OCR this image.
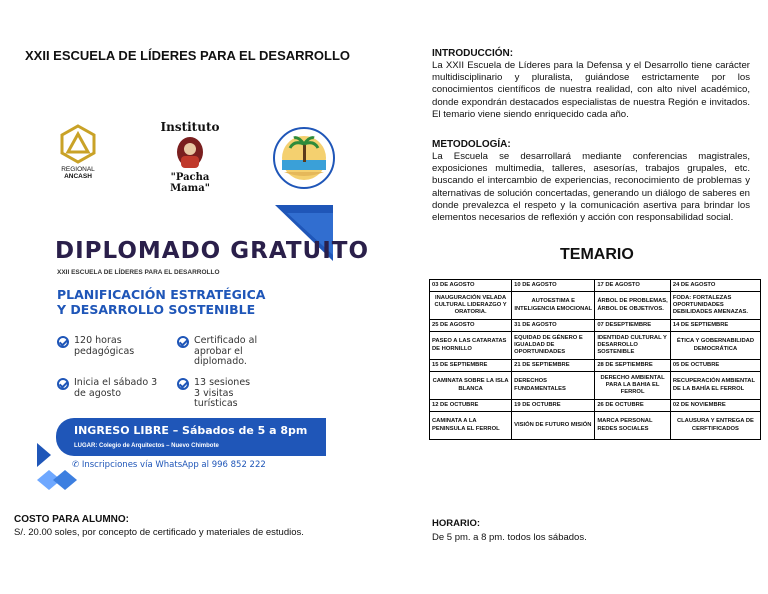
XXII ESCUELA DE LÍDERES PARA EL DESARROLLO
REGIONAL
ANCASH
Instituto
"Pacha Mama"
DIPLOMADO GRATUITO
XXII ESCUELA DE LÍDERES PARA EL DESARROLLO
PLANIFICACIÓN ESTRATÉGICA
Y DESARROLLO SOSTENIBLE
120 horas
pedagógicas
Certificado al
aprobar el
diplomado.
Inicia el sábado 3
de agosto
13 sesiones
3 visitas
turísticas
INGRESO LIBRE – Sábados de 5 a 8pm
LUGAR: Colegio de Arquitectos – Nuevo Chimbote
✆ Inscripciones vía WhatsApp al 996 852 222
COSTO PARA ALUMNO:
S/. 20.00 soles, por concepto de certificado y materiales de estudios.
INTRODUCCIÓN:
La XXII Escuela de Líderes para la Defensa y el Desarrollo tiene carácter multidisciplinario y pluralista, guiándose estrictamente por los conocimientos científicos de nuestra realidad, con alto nivel académico, donde expondrán destacados especialistas de nuestra Región e invitados. El temario viene siendo enriquecido cada año.
METODOLOGÍA:
La Escuela se desarrollará mediante conferencias magistrales, exposiciones multimedia, talleres, asesorías, trabajos grupales, etc. buscando el intercambio de experiencias, reconocimiento de problemas y alternativas de solución concertadas, generando un diálogo de saberes en donde prevalezca el respeto y la comunicación asertiva para brindar los elementos necesarios de reflexión y acción con responsabilidad social.
TEMARIO
03 DE AGOSTO	10 DE AGOSTO	17 DE AGOSTO	24 DE AGOSTO
INAUGURACIÓN VELADA CULTURAL LIDERAZGO Y ORATORIA.	AUTOESTIMA E INTELIGENCIA EMOCIONAL	ÁRBOL DE PROBLEMAS, ÁRBOL DE OBJETIVOS.	FODA: FORTALEZAS OPORTUNIDADES DEBILIDADES AMENAZAS.
25 DE AGOSTO	31 DE AGOSTO	07 DESEPTIEMBRE	14 DE SEPTIEMBRE
PASEO A LAS CATARATAS DE HORNILLO	EQUIDAD DE GÉNERO E IGUALDAD DE OPORTUNIDADES	IDENTIDAD CULTURAL Y DESARROLLO SOSTENIBLE	ÉTICA Y GOBERNABILIDAD DEMOCRÁTICA
15 DE SEPTIEMBRE	21 DE SEPTIEMBRE	28 DE SEPTIEMBRE	05 DE OCTUBRE
CAMINATA SOBRE LA ISLA BLANCA	DERECHOS FUNDAMENTALES	DERECHO AMBIENTAL PARA LA BAHIA EL FERROL	RECUPERACIÓN AMBIENTAL DE LA BAHÍA EL FERROL
12 DE OCTUBRE	19 DE OCTUBRE	26 DE OCTUBRE	02 DE NOVIEMBRE
CAMINATA A LA PENINSULA EL FERROL	VISIÓN DE FUTURO MISIÓN	MARCA PERSONAL REDES SOCIALES	CLAUSURA Y ENTREGA DE CERFTIFICADOS
HORARIO:
De 5 pm. a 8 pm. todos los sábados.
